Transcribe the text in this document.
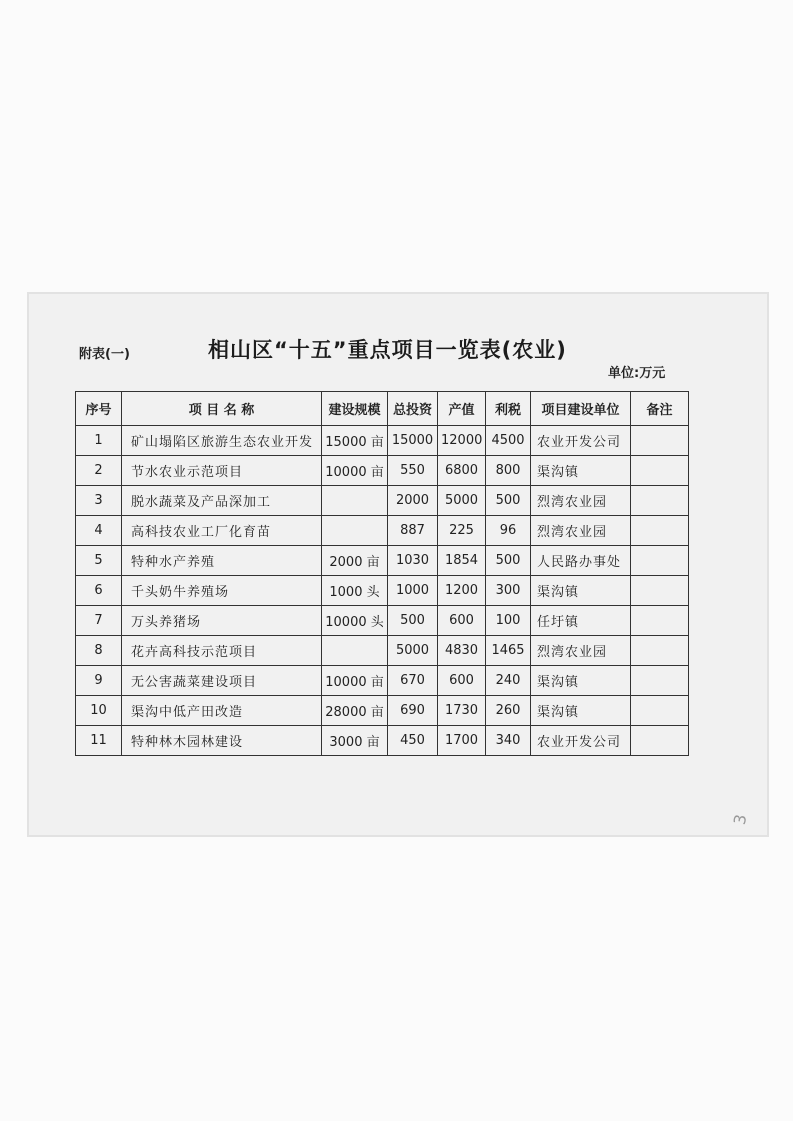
附表(一)	相山区“十五”重点项目一览表(农业)
单位:万元
序号	项 目 名 称	建设规模	总投资	产值	利税	项目建设单位	备注
1	矿山塌陷区旅游生态农业开发	15000 亩	15000	12000	4500	农业开发公司	
2	节水农业示范项目	10000 亩	550	6800	800	渠沟镇	
3	脱水蔬菜及产品深加工		2000	5000	500	烈湾农业园	
4	高科技农业工厂化育苗		887	225	96	烈湾农业园	
5	特种水产养殖	2000 亩	1030	1854	500	人民路办事处	
6	千头奶牛养殖场	1000 头	1000	1200	300	渠沟镇	
7	万头养猪场	10000 头	500	600	100	任圩镇	
8	花卉高科技示范项目		5000	4830	1465	烈湾农业园	
9	无公害蔬菜建设项目	10000 亩	670	600	240	渠沟镇	
10	渠沟中低产田改造	28000 亩	690	1730	260	渠沟镇	
11	特种林木园林建设	3000 亩	450	1700	340	农业开发公司	
3
